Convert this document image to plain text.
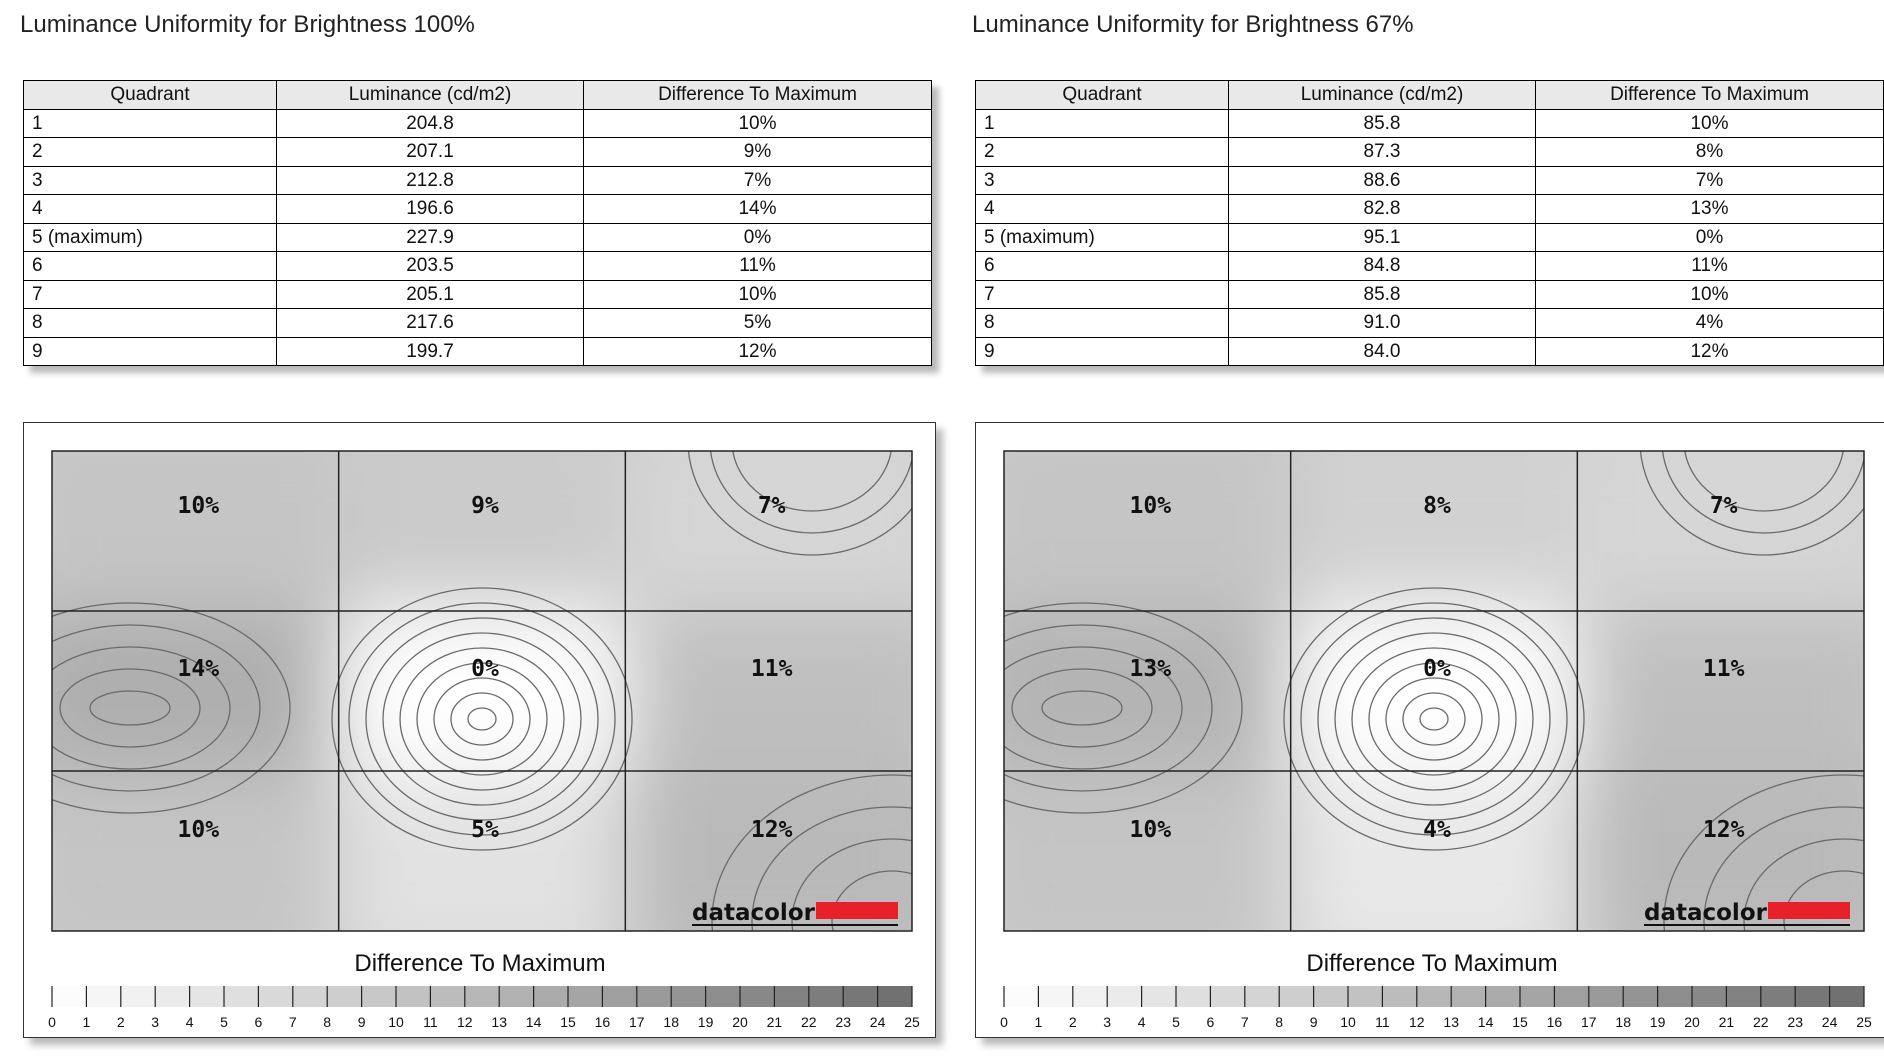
Luminance Uniformity for Brightness 100%
Quadrant	Luminance (cd/m2)	Difference To Maximum
1	204.8	10%
2	207.1	9%
3	212.8	7%
4	196.6	14%
5 (maximum)	227.9	0%
6	203.5	11%
7	205.1	10%
8	217.6	5%
9	199.7	12%
10%	9%	7%
14%	0%	11%
10%	5%	12%
datacolor
Difference To Maximum
0 1 2 3 4 5 6 7 8 9 10 11 12 13 14 15 16 17 18 19 20 21 22 23 24 25
Luminance Uniformity for Brightness 67%
Quadrant	Luminance (cd/m2)	Difference To Maximum
1	85.8	10%
2	87.3	8%
3	88.6	7%
4	82.8	13%
5 (maximum)	95.1	0%
6	84.8	11%
7	85.8	10%
8	91.0	4%
9	84.0	12%
10%	8%	7%
13%	0%	11%
10%	4%	12%
datacolor
Difference To Maximum
0 1 2 3 4 5 6 7 8 9 10 11 12 13 14 15 16 17 18 19 20 21 22 23 24 25
